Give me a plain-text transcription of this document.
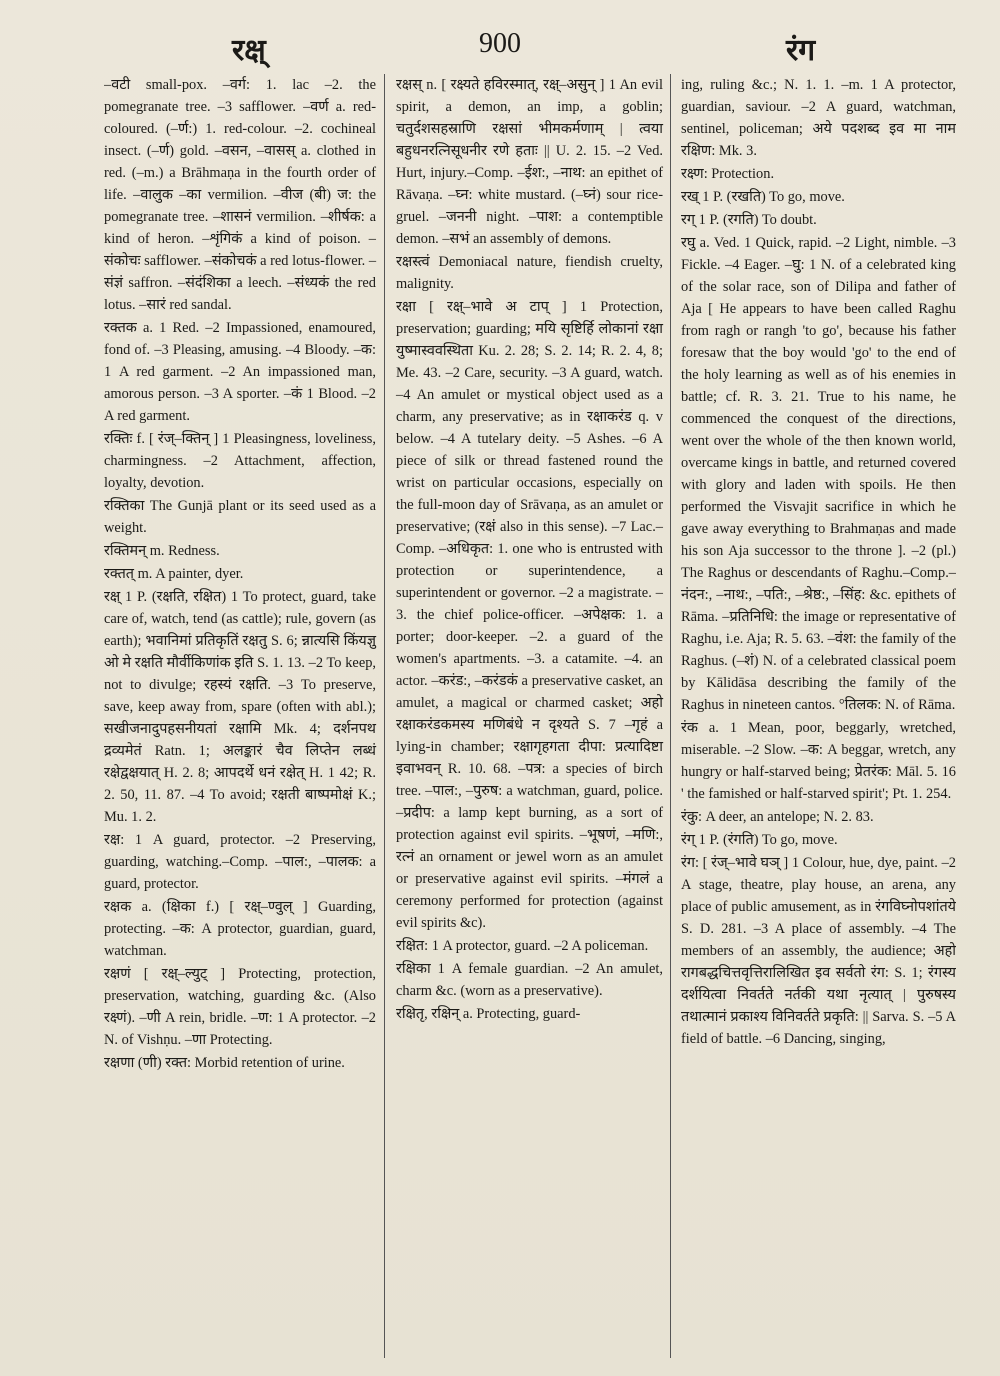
रक्ष्	900	रंग

–वटी small-pox. –वर्ग: 1. lac –2. the pomegranate tree. –3 safflower. –वर्ण a. red-coloured. (–र्ण:) 1. red-colour. –2. cochineal insect. (–र्ण) gold. –वसन, –वासस् a. clothed in red. (–m.) a Brāhmaṇa in the fourth order of life. –वालुक –का vermilion. –वीज (बी) ज: the pomegranate tree. –शासनं vermilion. –शीर्षक: a kind of heron. –शृंगिकं a kind of poison. –संकोचः safflower. –संकोचकं a red lotus-flower. –संज्ञं saffron. –संदंशिका a leech. –संध्यकं the red lotus. –सारं red sandal.

रक्तक a. 1 Red. –2 Impassioned, enamoured, fond of. –3 Pleasing, amusing. –4 Bloody. –क: 1 A red garment. –2 An impassioned man, amorous person. –3 A sporter. –कं 1 Blood. –2 A red garment.

रक्तिः f. [ रंज्–क्तिन् ] 1 Pleasingness, loveliness, charmingness. –2 Attachment, affection, loyalty, devotion.

रक्तिका The Gunjā plant or its seed used as a weight.

रक्तिमन् m. Redness.

रक्तत् m. A painter, dyer.

रक्ष् 1 P. (रक्षति, रक्षित) 1 To protect, guard, take care of, watch, tend (as cattle); rule, govern (as earth); भवानिमां प्रतिकृतिं रक्षतु S. 6; न्नात्यसि किंयज्ञु ओ मे रक्षति मौर्वीकिणांक इति S. 1. 13. –2 To keep, not to divulge; रहस्यं रक्षति. –3 To preserve, save, keep away from, spare (often with abl.); सखीजनादुपहसनीयतां रक्षामि Mk. 4; दर्शनपथ द्रव्यमेतं Ratn. 1; अलङ्कारं चैव लिप्तेन लब्धं रक्षेद्वक्षयात् H. 2. 8; आपदर्थे धनं रक्षेत् H. 1 42; R. 2. 50, 11. 87. –4 To avoid; रक्षती बाष्पमोक्षं K.; Mu. 1. 2.

रक्ष: 1 A guard, protector. –2 Preserving, guarding, watching.–Comp. –पाल:, –पालक: a guard, protector.

रक्षक a. (क्षिका f.) [ रक्ष्–ण्वुल् ] Guarding, protecting. –क: A protector, guardian, guard, watchman.

रक्षणं [ रक्ष्–ल्युट् ] Protecting, protection, preservation, watching, guarding &c. (Also रक्ष्णं). –णी A rein, bridle. –ण: 1 A protector. –2 N. of Vishṇu. –णा Protecting.

रक्षणा (णी) रक्त: Morbid retention of urine.

रक्षस् n. [ रक्ष्यते हविरस्मात्, रक्ष्–असुन् ] 1 An evil spirit, a demon, an imp, a goblin; चतुर्दशसहस्राणि रक्षसां भीमकर्मणाम् | त्वया बहुधनरत्निसूधनीर रणे हताः || U. 2. 15. –2 Ved. Hurt, injury.–Comp. –ईश:, –नाथ: an epithet of Rāvaṇa. –घ्न: white mustard. (–घ्नं) sour rice-gruel. –जननी night. –पाश: a contemptible demon. –सभं an assembly of demons.

रक्षस्त्वं Demoniacal nature, fiendish cruelty, malignity.

रक्षा [ रक्ष्–भावे अ टाप् ] 1 Protection, preservation; guarding; मयि सृष्टिर्हि लोकानां रक्षा युष्मास्ववस्थिता Ku. 2. 28; S. 2. 14; R. 2. 4, 8; Me. 43. –2 Care, security. –3 A guard, watch. –4 An amulet or mystical object used as a charm, any preservative; as in रक्षाकरंड q. v below. –4 A tutelary deity. –5 Ashes. –6 A piece of silk or thread fastened round the wrist on particular occasions, especially on the full-moon day of Srāvaṇa, as an amulet or preservative; (रक्षं also in this sense). –7 Lac.–Comp. –अधिकृत: 1. one who is entrusted with protection or superintendence, a superintendent or governor. –2 a magistrate. –3. the chief police-officer. –अपेक्षक: 1. a porter; door-keeper. –2. a guard of the women's apartments. –3. a catamite. –4. an actor. –करंड:, –करंडकं a preservative casket, an amulet, a magical or charmed casket; अहो रक्षाकरंडकमस्य मणिबंधे न दृश्यते S. 7 –गृहं a lying-in chamber; रक्षागृहगता दीपा: प्रत्यादिष्टा इवाभवन् R. 10. 68. –पत्र: a species of birch tree. –पाल:, –पुरुष: a watchman, guard, police. –प्रदीप: a lamp kept burning, as a sort of protection against evil spirits. –भूषणं, –मणि:, रत्नं an ornament or jewel worn as an amulet or preservative against evil spirits. –मंगलं a ceremony performed for protection (against evil spirits &c).

रक्षित: 1 A protector, guard. –2 A policeman.

रक्षिका 1 A female guardian. –2 An amulet, charm &c. (worn as a preservative).

रक्षितृ, रक्षिन् a. Protecting, guard-

ing, ruling &c.; N. 1. 1. –m. 1 A protector, guardian, saviour. –2 A guard, watchman, sentinel, policeman; अये पदशब्द इव मा नाम रक्षिण: Mk. 3.

रक्ष्ण: Protection.

रख् 1 P. (रखति) To go, move.

रग् 1 P. (रगति) To doubt.

रघु a. Ved. 1 Quick, rapid. –2 Light, nimble. –3 Fickle. –4 Eager. –घु: 1 N. of a celebrated king of the solar race, son of Dilipa and father of Aja [ He appears to have been called Raghu from ragh or rangh 'to go', because his father foresaw that the boy would 'go' to the end of the holy learning as well as of his enemies in battle; cf. R. 3. 21. True to his name, he commenced the conquest of the directions, went over the whole of the then known world, overcame kings in battle, and returned covered with glory and laden with spoils. He then performed the Visvajit sacrifice in which he gave away everything to Brahmaṇas and made his son Aja successor to the throne ]. –2 (pl.) The Raghus or descendants of Raghu.–Comp.–नंदन:, –नाथ:, –पति:, –श्रेष्ठ:, –सिंह: &c. epithets of Rāma. –प्रतिनिधि: the image or representative of Raghu, i.e. Aja; R. 5. 63. –वंश: the family of the Raghus. (–शं) N. of a celebrated classical poem by Kālidāsa describing the family of the Raghus in nineteen cantos. °तिलक: N. of Rāma.

रंक a. 1 Mean, poor, beggarly, wretched, miserable. –2 Slow. –क: A beggar, wretch, any hungry or half-starved being; प्रेतरंक: Māl. 5. 16 ' the famished or half-starved spirit'; Pt. 1. 254.

रंकु: A deer, an antelope; N. 2. 83.

रंग् 1 P. (रंगति) To go, move.

रंग: [ रंज्–भावे घञ् ] 1 Colour, hue, dye, paint. –2 A stage, theatre, play house, an arena, any place of public amusement, as in रंगविघ्नोपशांतये S. D. 281. –3 A place of assembly. –4 The members of an assembly, the audience; अहो रागबद्धचित्तवृत्तिरालिखित इव सर्वतो रंग: S. 1; रंगस्य दर्शयित्वा निवर्तते नर्तकी यथा नृत्यात् | पुरुषस्य तथात्मानं प्रकाश्य विनिवर्तते प्रकृति: || Sarva. S. –5 A field of battle. –6 Dancing, singing,
